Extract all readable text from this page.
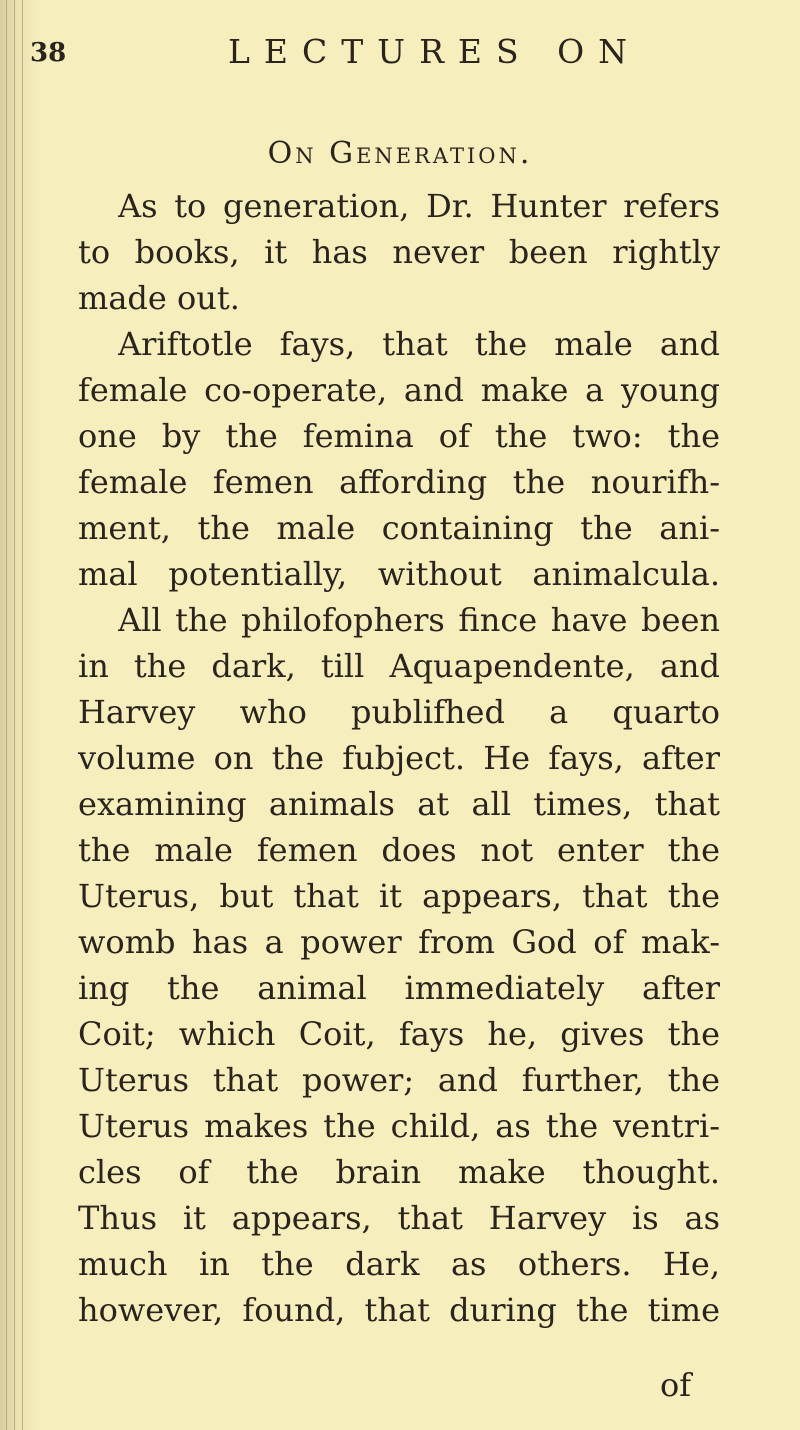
38	LECTURES ON
On Generation.
As to generation, Dr. Hunter refers
to books, it has never been rightly
made out.
Ariftotle fays, that the male and
female co-operate, and make a young
one by the femina of the two: the
female femen affording the nourifh-
ment, the male containing the ani-
mal potentially, without animalcula.
All the philofophers fince have been
in the dark, till Aquapendente, and
Harvey who publifhed a quarto
volume on the fubject. He fays, after
examining animals at all times, that
the male femen does not enter the
Uterus, but that it appears, that the
womb has a power from God of mak-
ing the animal immediately after
Coit; which Coit, fays he, gives the
Uterus that power; and further, the
Uterus makes the child, as the ventri-
cles of the brain make thought.
Thus it appears, that Harvey is as
much in the dark as others. He,
however, found, that during the time
of
